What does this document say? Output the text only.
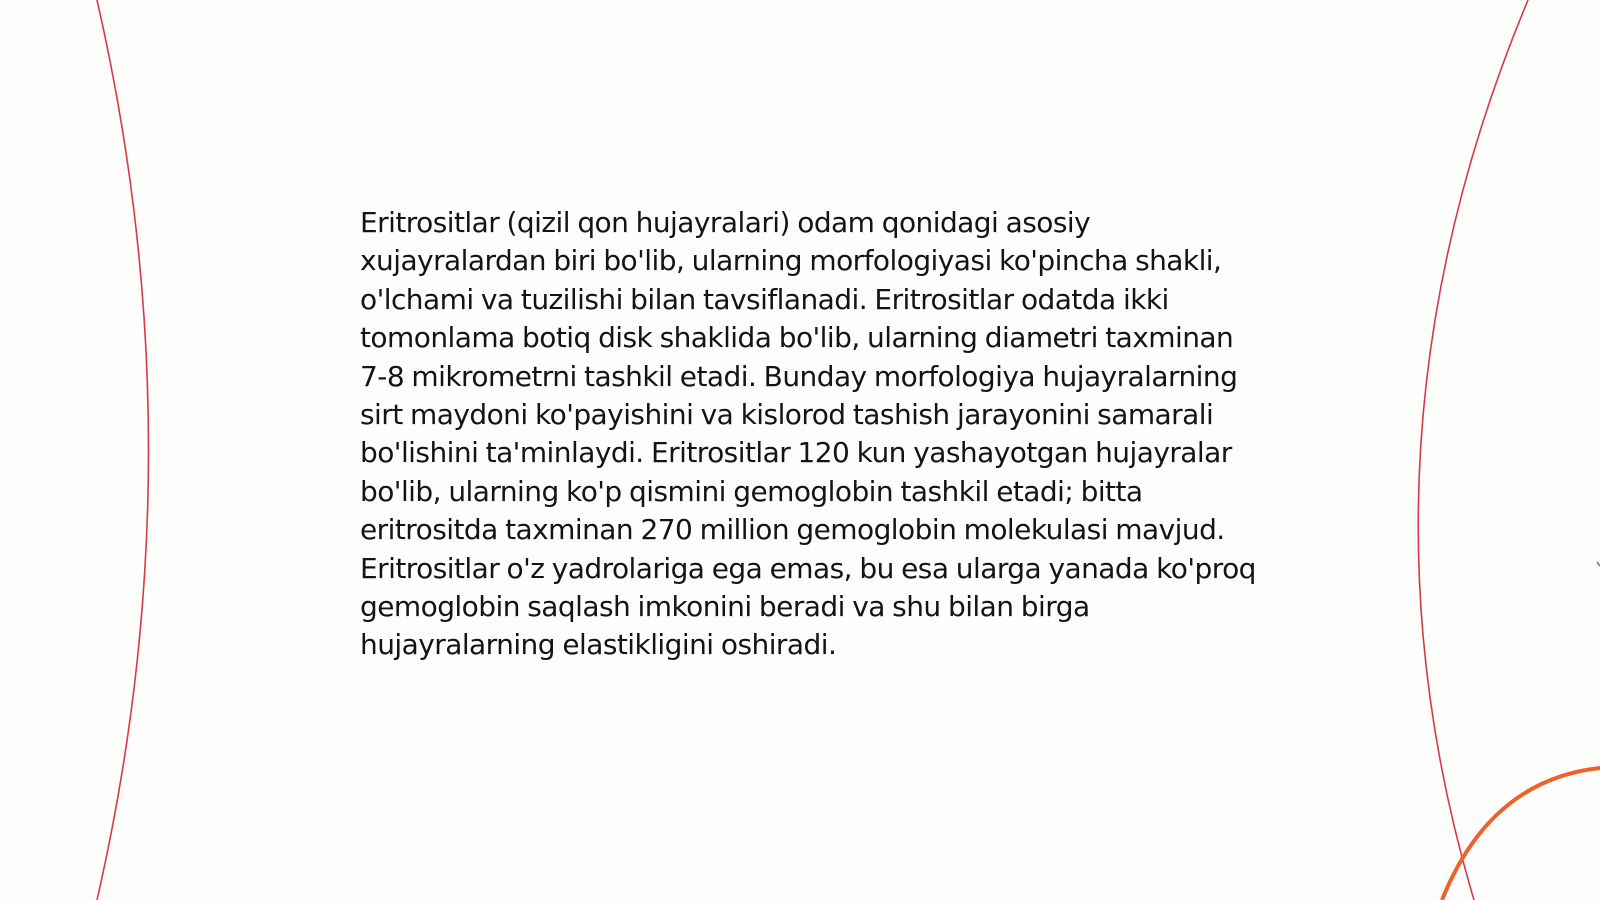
Eritrositlar (qizil qon hujayralari) odam qonidagi asosiy xujayralardan biri bo'lib, ularning morfologiyasi ko'pincha shakli, o'lchami va tuzilishi bilan tavsiflanadi. Eritrositlar odatda ikki tomonlama botiq disk shaklida bo'lib, ularning diametri taxminan 7-8 mikrometrni tashkil etadi. Bunday morfologiya hujayralarning sirt maydoni ko'payishini va kislorod tashish jarayonini samarali bo'lishini ta'minlaydi. Eritrositlar 120 kun yashayotgan hujayralar bo'lib, ularning ko'p qismini gemoglobin tashkil etadi; bitta eritrositda taxminan 270 million gemoglobin molekulasi mavjud. Eritrositlar o'z yadrolariga ega emas, bu esa ularga yanada ko'proq gemoglobin saqlash imkonini beradi va shu bilan birga hujayralarning elastikligini oshiradi.
